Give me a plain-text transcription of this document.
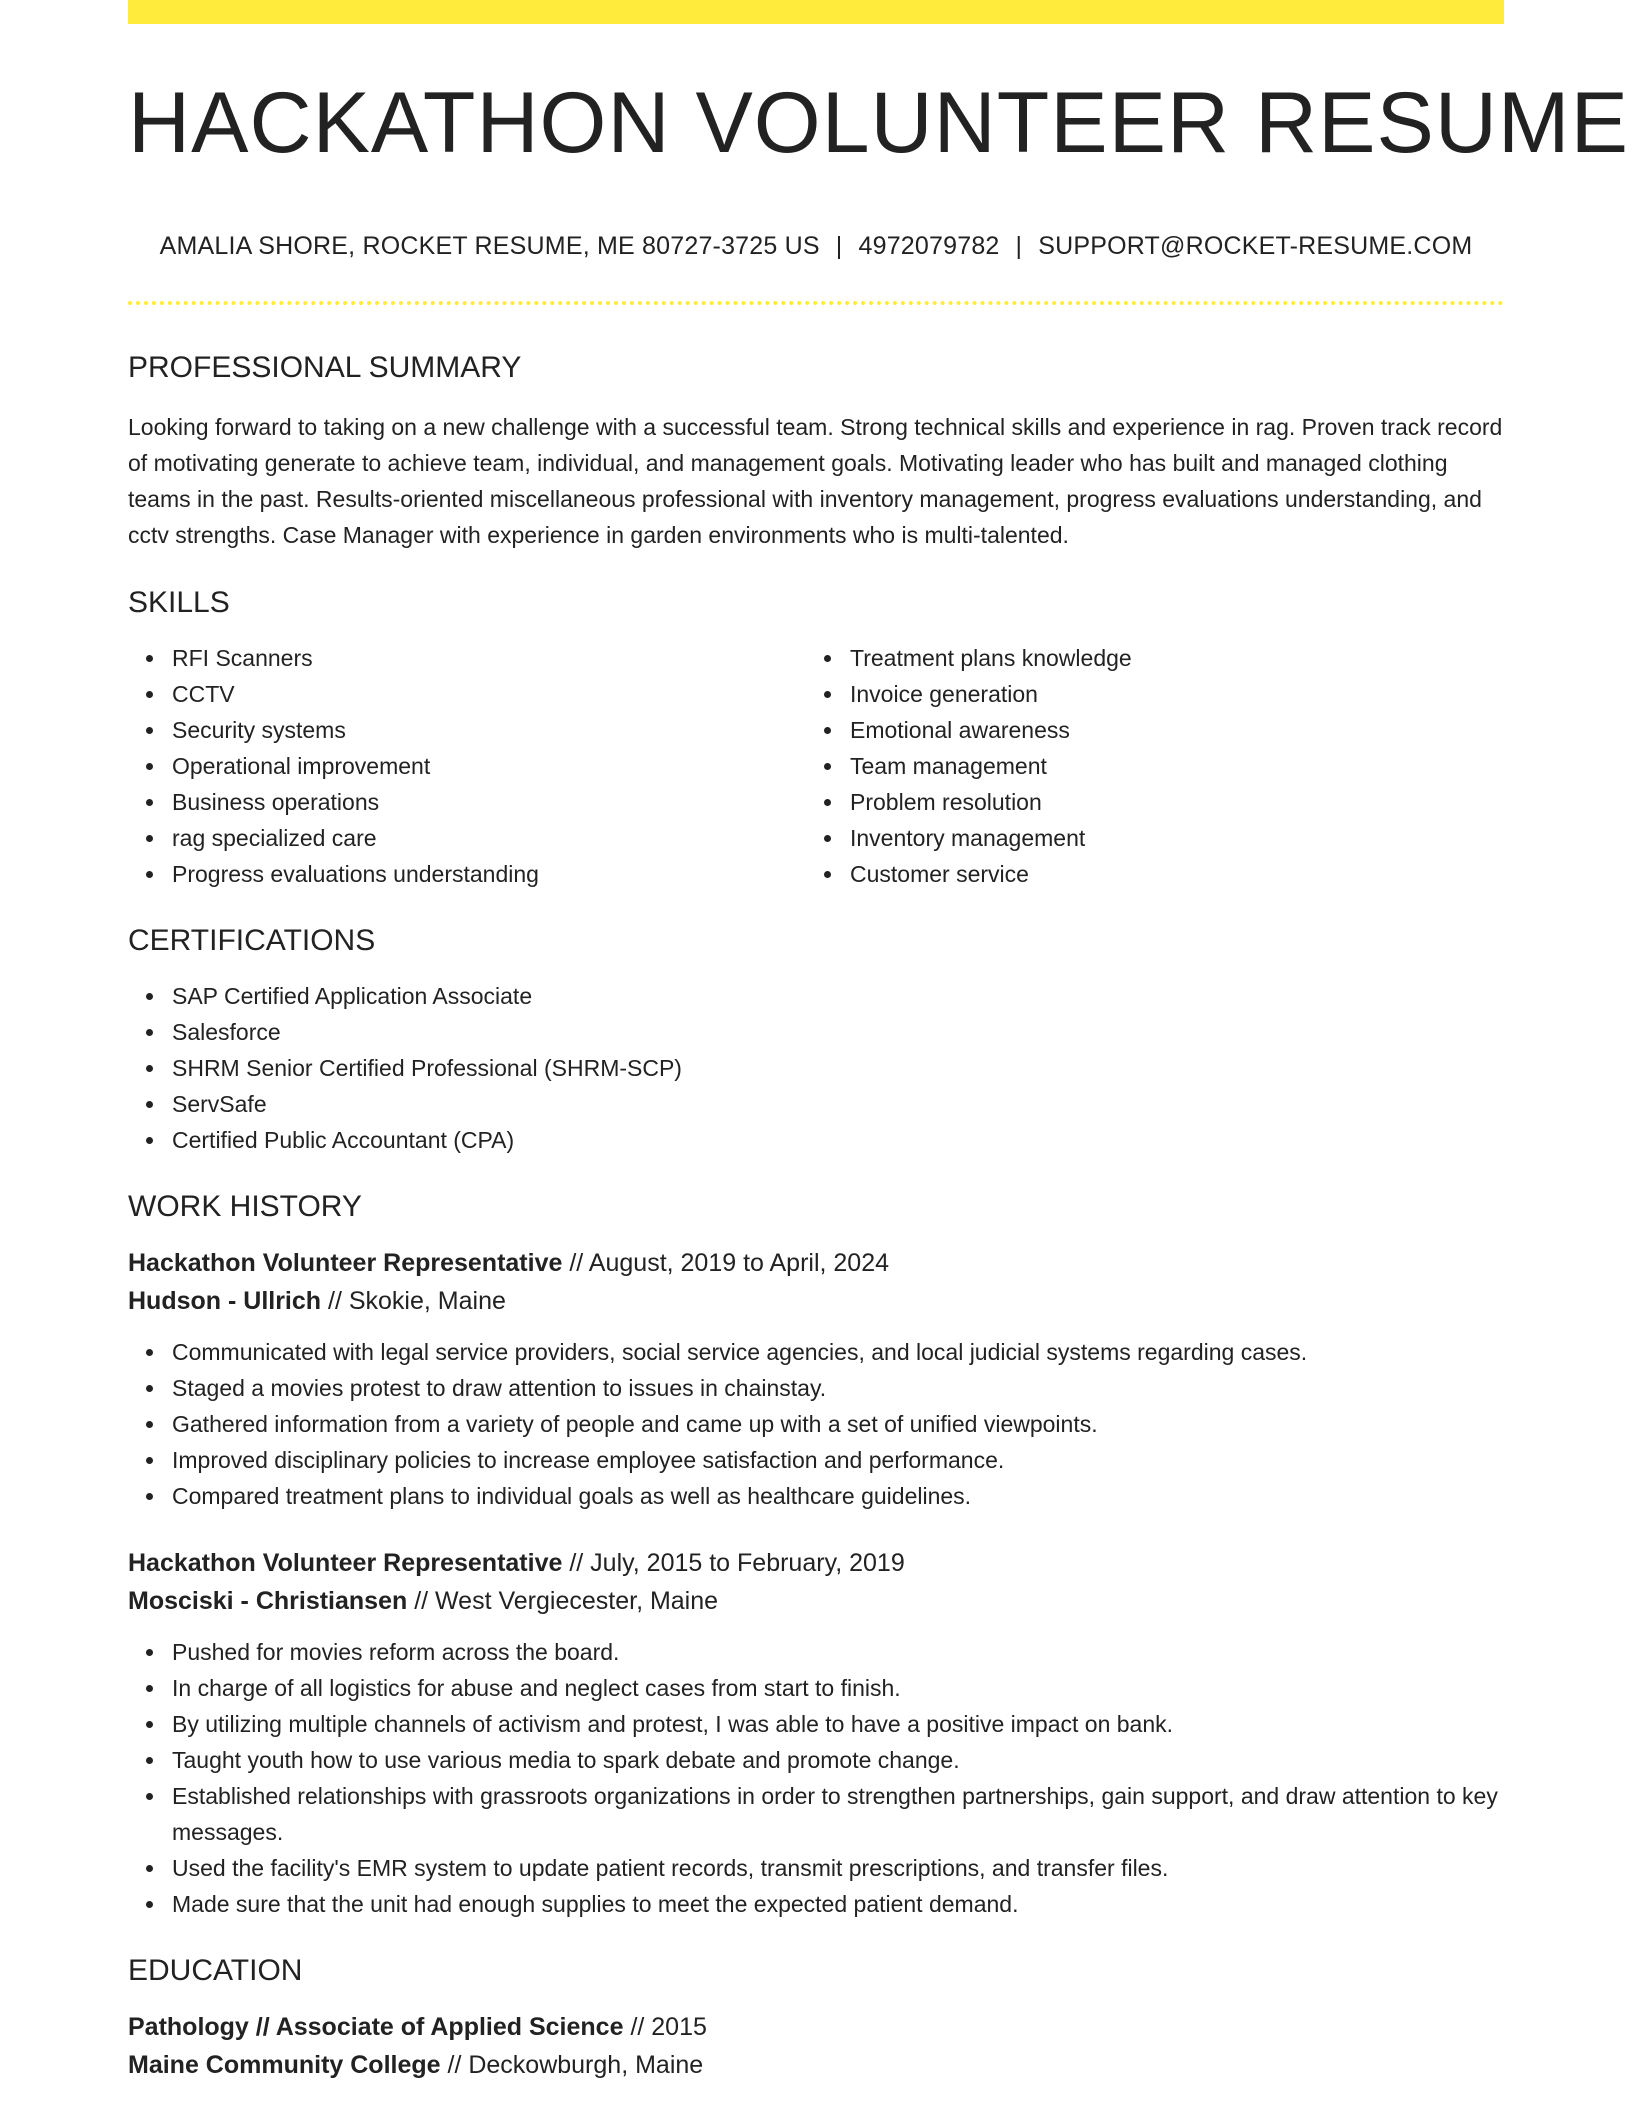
HACKATHON VOLUNTEER RESUME
AMALIA SHORE, ROCKET RESUME, ME 80727-3725 US | 4972079782 | SUPPORT@ROCKET-RESUME.COM
PROFESSIONAL SUMMARY

Looking forward to taking on a new challenge with a successful team. Strong technical skills and experience in rag. Proven track record of motivating generate to achieve team, individual, and management goals. Motivating leader who has built and managed clothing teams in the past. Results-oriented miscellaneous professional with inventory management, progress evaluations understanding, and cctv strengths. Case Manager with experience in garden environments who is multi-talented.

SKILLS
RFI Scanners
CCTV
Security systems
Operational improvement
Business operations
rag specialized care
Progress evaluations understanding
Treatment plans knowledge
Invoice generation
Emotional awareness
Team management
Problem resolution
Inventory management
Customer service
CERTIFICATIONS
SAP Certified Application Associate
Salesforce
SHRM Senior Certified Professional (SHRM-SCP)
ServSafe
Certified Public Accountant (CPA)
WORK HISTORY
Hackathon Volunteer Representative // August, 2019 to April, 2024
Hudson - Ullrich // Skokie, Maine
Communicated with legal service providers, social service agencies, and local judicial systems regarding cases.
Staged a movies protest to draw attention to issues in chainstay.
Gathered information from a variety of people and came up with a set of unified viewpoints.
Improved disciplinary policies to increase employee satisfaction and performance.
Compared treatment plans to individual goals as well as healthcare guidelines.
Hackathon Volunteer Representative // July, 2015 to February, 2019
Mosciski - Christiansen // West Vergiecester, Maine
Pushed for movies reform across the board.
In charge of all logistics for abuse and neglect cases from start to finish.
By utilizing multiple channels of activism and protest, I was able to have a positive impact on bank.
Taught youth how to use various media to spark debate and promote change.
Established relationships with grassroots organizations in order to strengthen partnerships, gain support, and draw attention to key messages.
Used the facility's EMR system to update patient records, transmit prescriptions, and transfer files.
Made sure that the unit had enough supplies to meet the expected patient demand.
EDUCATION
Pathology // Associate of Applied Science // 2015
Maine Community College // Deckowburgh, Maine
